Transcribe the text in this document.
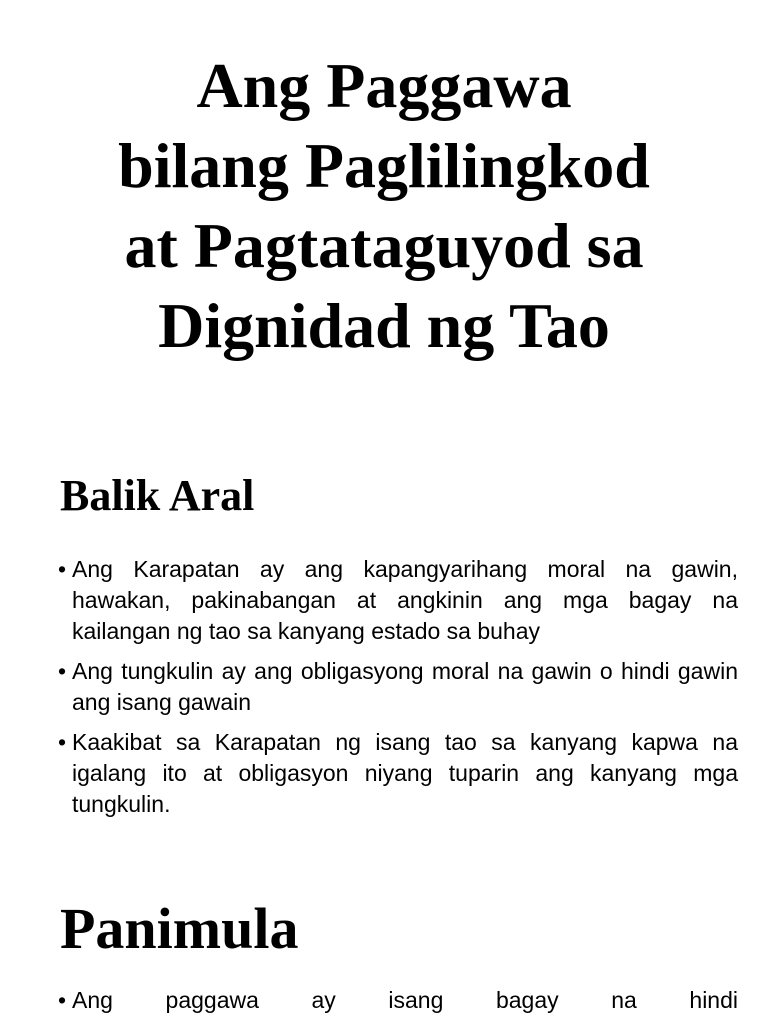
Ang Paggawa
bilang Paglilingkod
at Pagtataguyod sa
Dignidad ng Tao
Balik Aral
• Ang Karapatan ay ang kapangyarihang moral na gawin, hawakan, pakinabangan at angkinin ang mga bagay na kailangan ng tao sa kanyang estado sa buhay
• Ang tungkulin ay ang obligasyong moral na gawin o hindi gawin ang isang gawain
• Kaakibat sa Karapatan ng isang tao sa kanyang kapwa na igalang ito at obligasyon niyang tuparin ang kanyang mga tungkulin.
Panimula
• Ang paggawa ay isang bagay na hindi
